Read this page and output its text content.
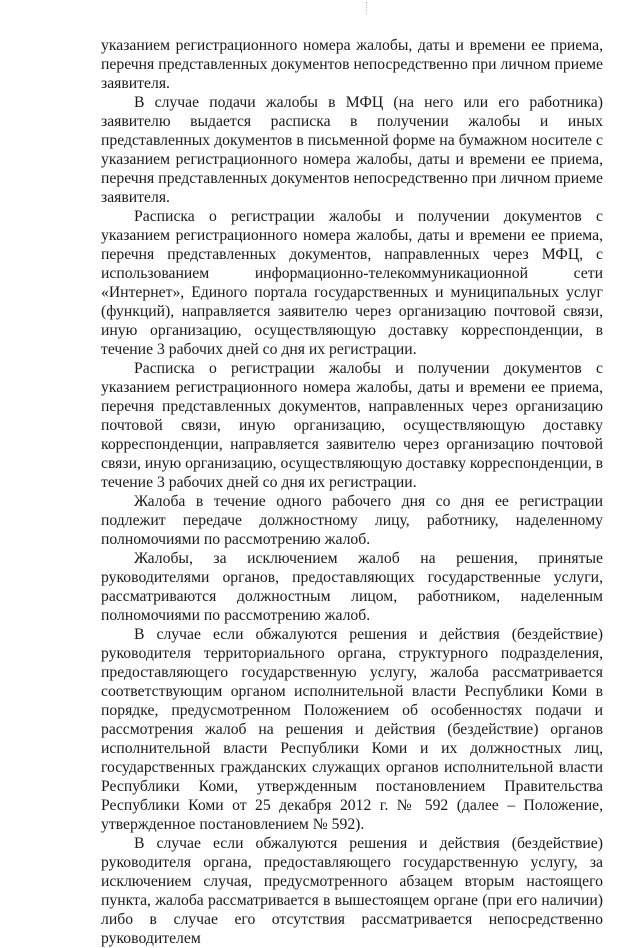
указанием регистрационного номера жалобы, даты и времени ее приема, перечня представленных документов непосредственно при личном приеме заявителя.

В случае подачи жалобы в МФЦ (на него или его работника) заявителю выдается расписка в получении жалобы и иных представленных документов в письменной форме на бумажном носителе с указанием регистрационного номера жалобы, даты и времени ее приема, перечня представленных документов непосредственно при личном приеме заявителя.

Расписка о регистрации жалобы и получении документов с указанием регистрационного номера жалобы, даты и времени ее приема, перечня представленных документов, направленных через МФЦ, с использованием информационно-телекоммуникационной сети «Интернет», Единого портала государственных и муниципальных услуг (функций), направляется заявителю через организацию почтовой связи, иную организацию, осуществляющую доставку корреспонденции, в течение 3 рабочих дней со дня их регистрации.

Расписка о регистрации жалобы и получении документов с указанием регистрационного номера жалобы, даты и времени ее приема, перечня представленных документов, направленных через организацию почтовой связи, иную организацию, осуществляющую доставку корреспонденции, направляется заявителю через организацию почтовой связи, иную организацию, осуществляющую доставку корреспонденции, в течение 3 рабочих дней со дня их регистрации.

Жалоба в течение одного рабочего дня со дня ее регистрации подлежит передаче должностному лицу, работнику, наделенному полномочиями по рассмотрению жалоб.

Жалобы, за исключением жалоб на решения, принятые руководителями органов, предоставляющих государственные услуги, рассматриваются должностным лицом, работником, наделенным полномочиями по рассмотрению жалоб.

В случае если обжалуются решения и действия (бездействие) руководителя территориального органа, структурного подразделения, предоставляющего государственную услугу, жалоба рассматривается соответствующим органом исполнительной власти Республики Коми в порядке, предусмотренном Положением об особенностях подачи и рассмотрения жалоб на решения и действия (бездействие) органов исполнительной власти Республики Коми и их должностных лиц, государственных гражданских служащих органов исполнительной власти Республики Коми, утвержденным постановлением Правительства Республики Коми от 25 декабря 2012 г. № 592 (далее – Положение, утвержденное постановлением № 592).

В случае если обжалуются решения и действия (бездействие) руководителя органа, предоставляющего государственную услугу, за исключением случая, предусмотренного абзацем вторым настоящего пункта, жалоба рассматривается в вышестоящем органе (при его наличии) либо в случае его отсутствия рассматривается непосредственно руководителем
